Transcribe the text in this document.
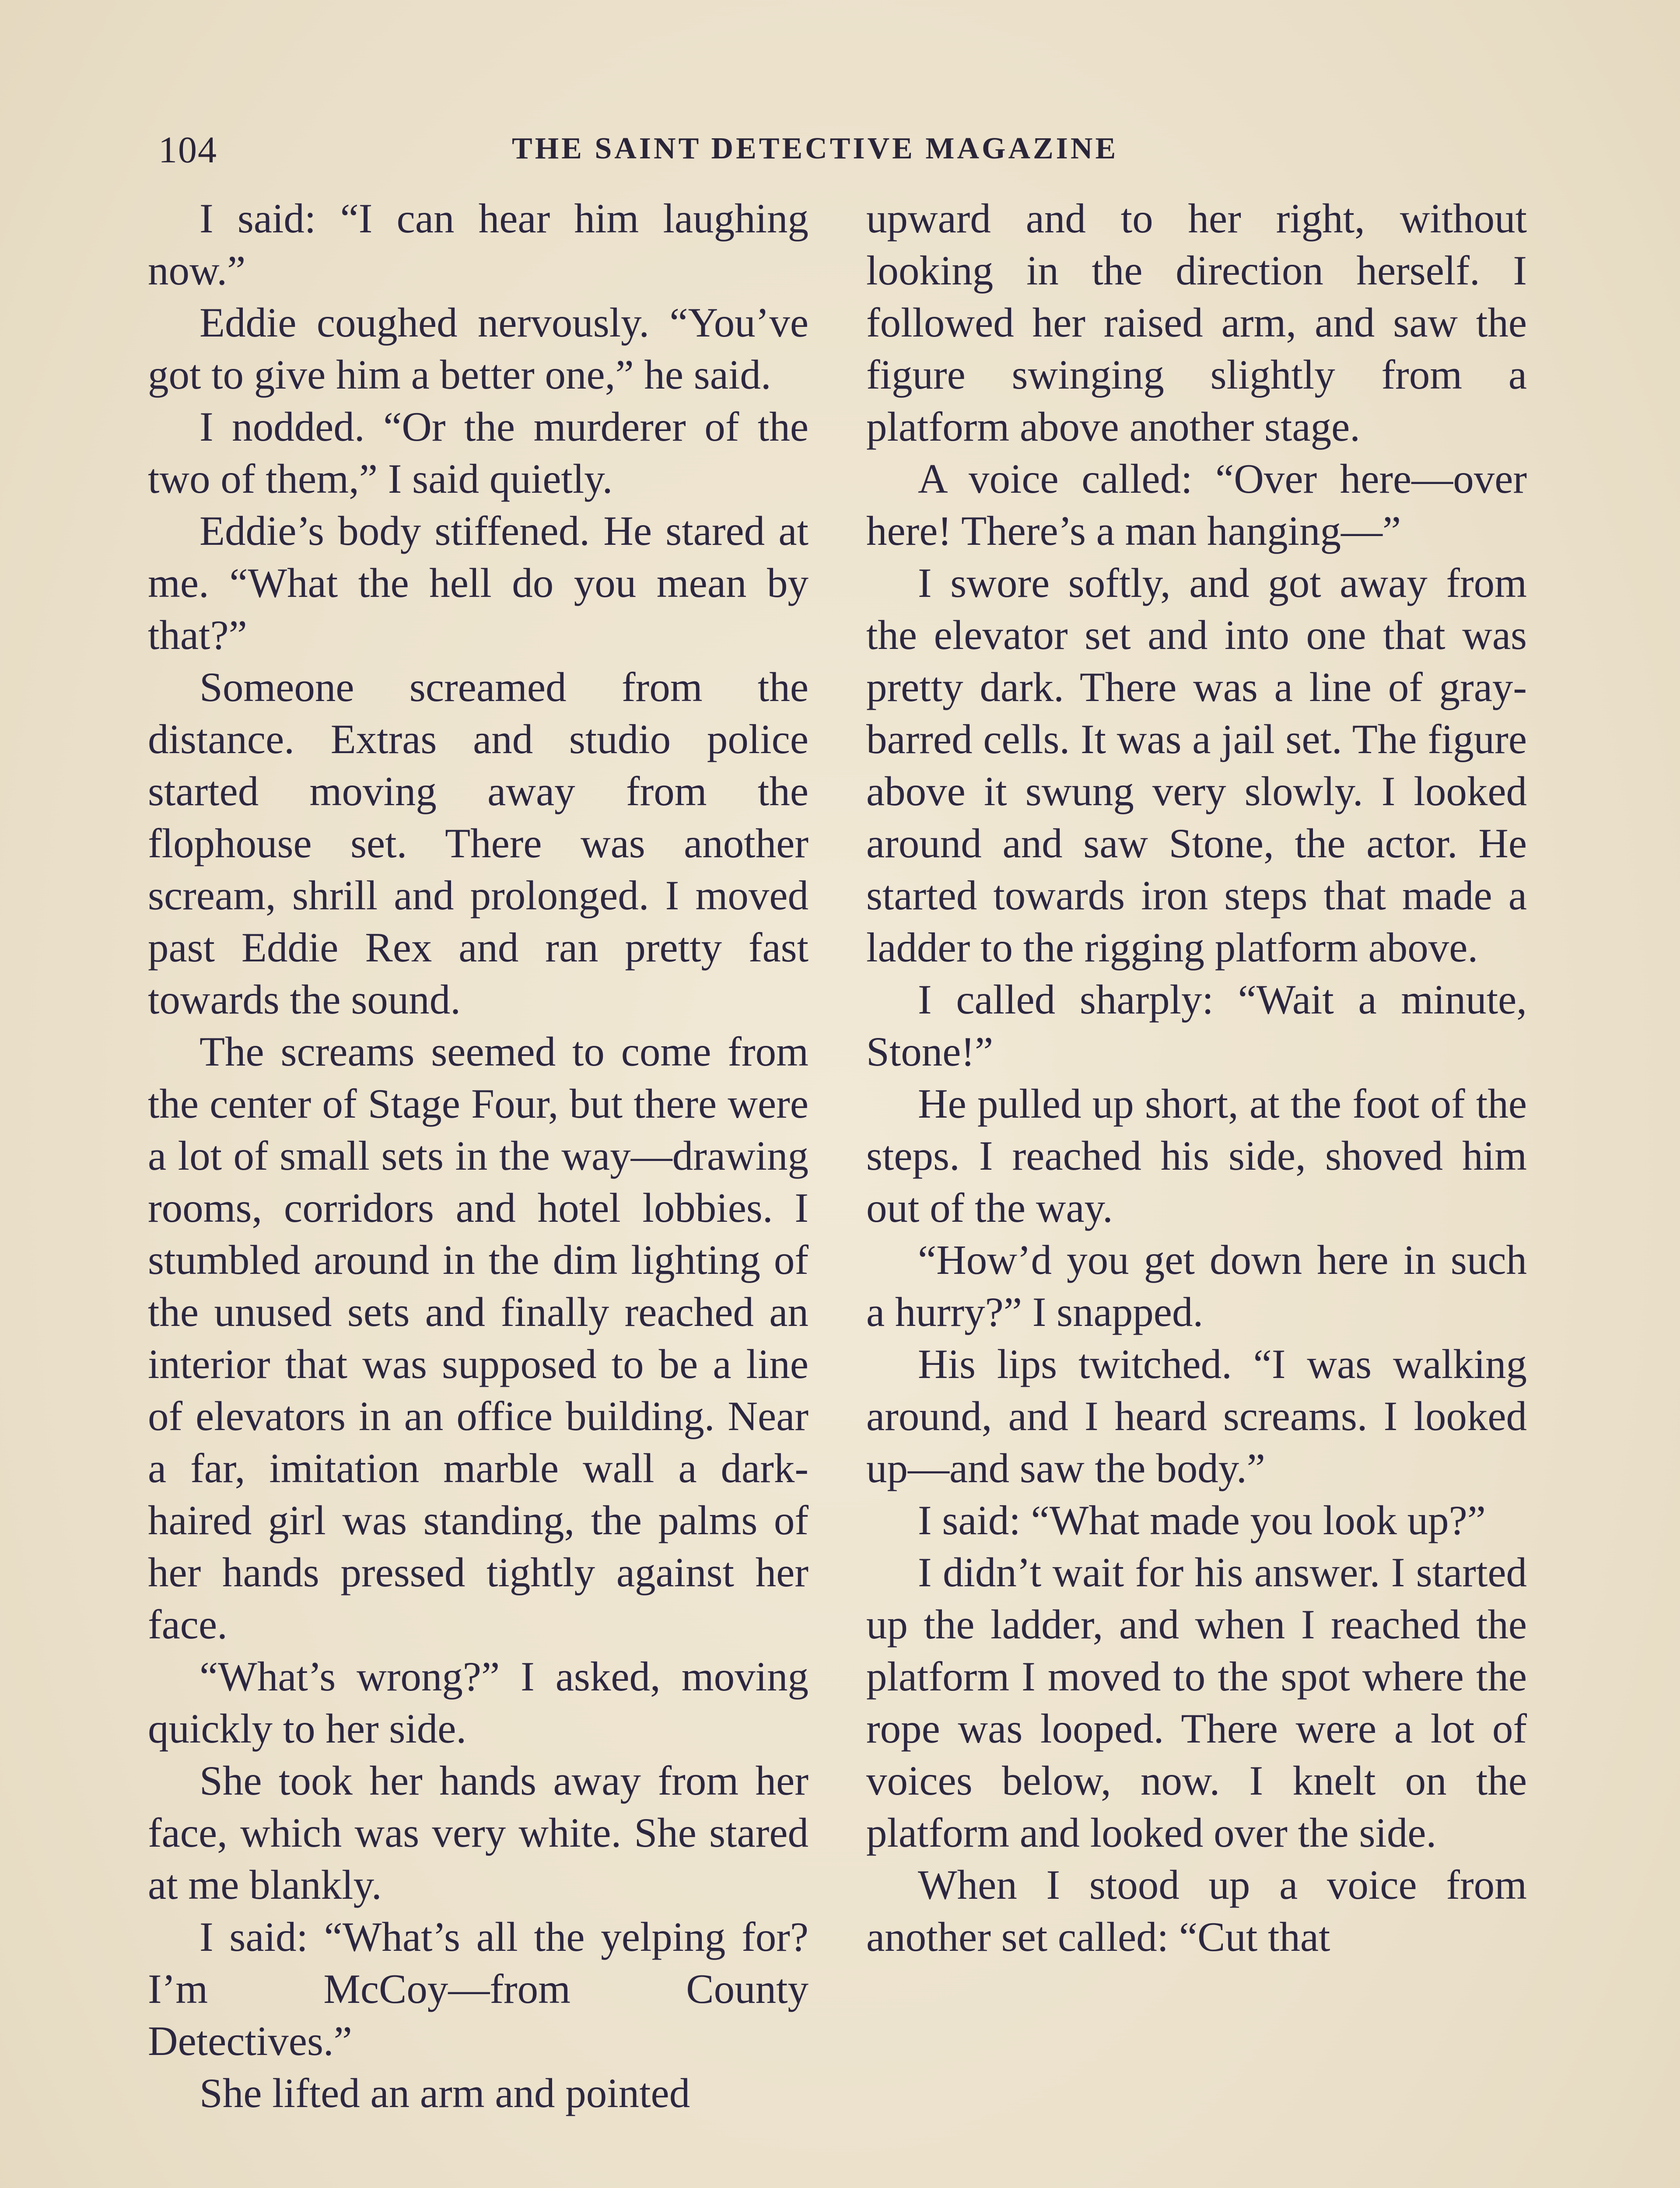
104	THE SAINT DETECTIVE MAGAZINE

I said: “I can hear him laughing now.”

Eddie coughed nervously. “You’ve got to give him a better one,” he said.

I nodded. “Or the murderer of the two of them,” I said quietly.

Eddie’s body stiffened. He stared at me. “What the hell do you mean by that?”

Someone screamed from the distance. Extras and studio police started moving away from the flophouse set. There was another scream, shrill and prolonged. I moved past Eddie Rex and ran pretty fast towards the sound.

The screams seemed to come from the center of Stage Four, but there were a lot of small sets in the way—drawing rooms, corridors and hotel lobbies. I stumbled around in the dim lighting of the unused sets and finally reached an interior that was supposed to be a line of elevators in an office building. Near a far, imitation marble wall a dark-haired girl was standing, the palms of her hands pressed tightly against her face.

“What’s wrong?” I asked, moving quickly to her side.

She took her hands away from her face, which was very white. She stared at me blankly.

I said: “What’s all the yelping for? I’m McCoy—from County Detectives.”

She lifted an arm and pointed

upward and to her right, without looking in the direction herself. I followed her raised arm, and saw the figure swinging slightly from a platform above another stage.

A voice called: “Over here—over here! There’s a man hanging—”

I swore softly, and got away from the elevator set and into one that was pretty dark. There was a line of gray-barred cells. It was a jail set. The figure above it swung very slowly. I looked around and saw Stone, the actor. He started towards iron steps that made a ladder to the rigging platform above.

I called sharply: “Wait a minute, Stone!”

He pulled up short, at the foot of the steps. I reached his side, shoved him out of the way.

“How’d you get down here in such a hurry?” I snapped.

His lips twitched. “I was walking around, and I heard screams. I looked up—and saw the body.”

I said: “What made you look up?”

I didn’t wait for his answer. I started up the ladder, and when I reached the platform I moved to the spot where the rope was looped. There were a lot of voices below, now. I knelt on the platform and looked over the side.

When I stood up a voice from another set called: “Cut that
